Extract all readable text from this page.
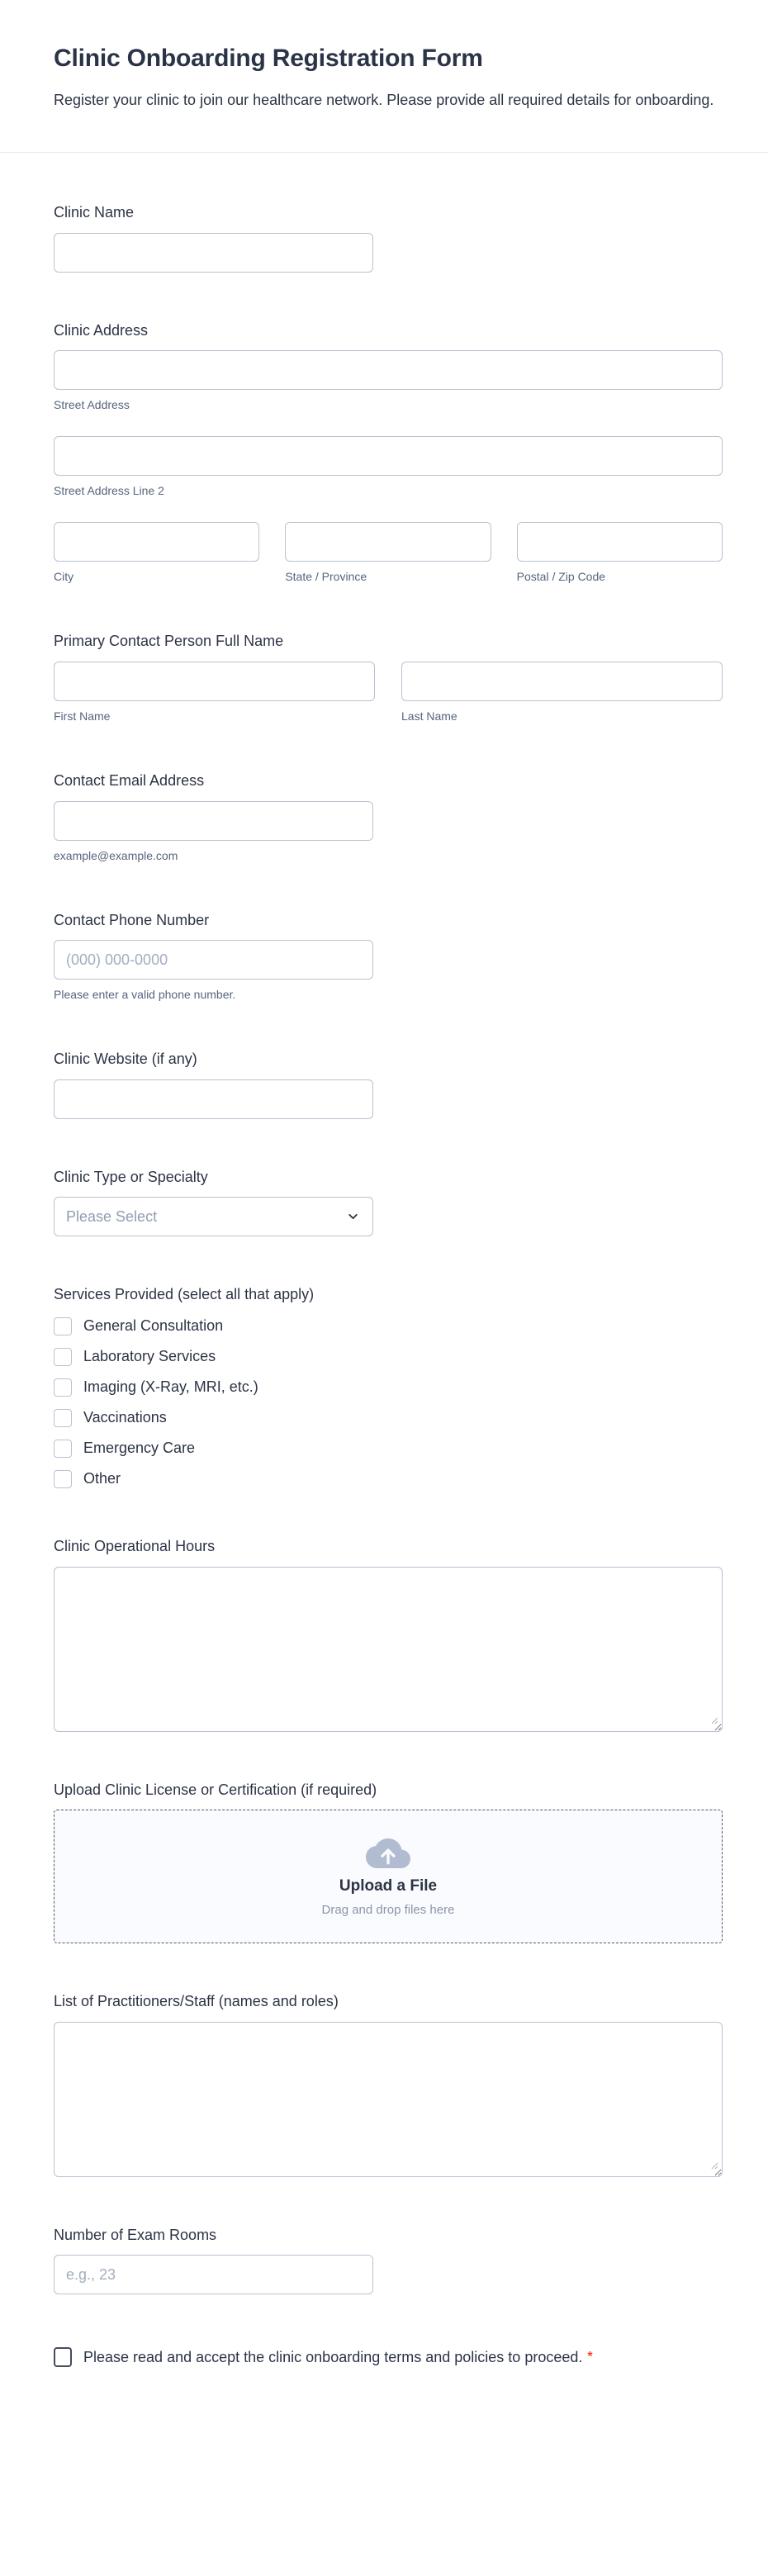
Clinic Onboarding Registration Form

Register your clinic to join our healthcare network. Please provide all required details for onboarding.

Clinic Name
Clinic Address
Street Address
Street Address Line 2
City	State / Province	Postal / Zip Code
Primary Contact Person Full Name
First Name	Last Name
Contact Email Address
example@example.com
Contact Phone Number
(000) 000-0000
Please enter a valid phone number.
Clinic Website (if any)
Clinic Type or Specialty
Please Select
Services Provided (select all that apply)
General Consultation
Laboratory Services
Imaging (X-Ray, MRI, etc.)
Vaccinations
Emergency Care
Other
Clinic Operational Hours
Upload Clinic License or Certification (if required)
Upload a File
Drag and drop files here
List of Practitioners/Staff (names and roles)
Number of Exam Rooms
e.g., 23
Please read and accept the clinic onboarding terms and policies to proceed. *
